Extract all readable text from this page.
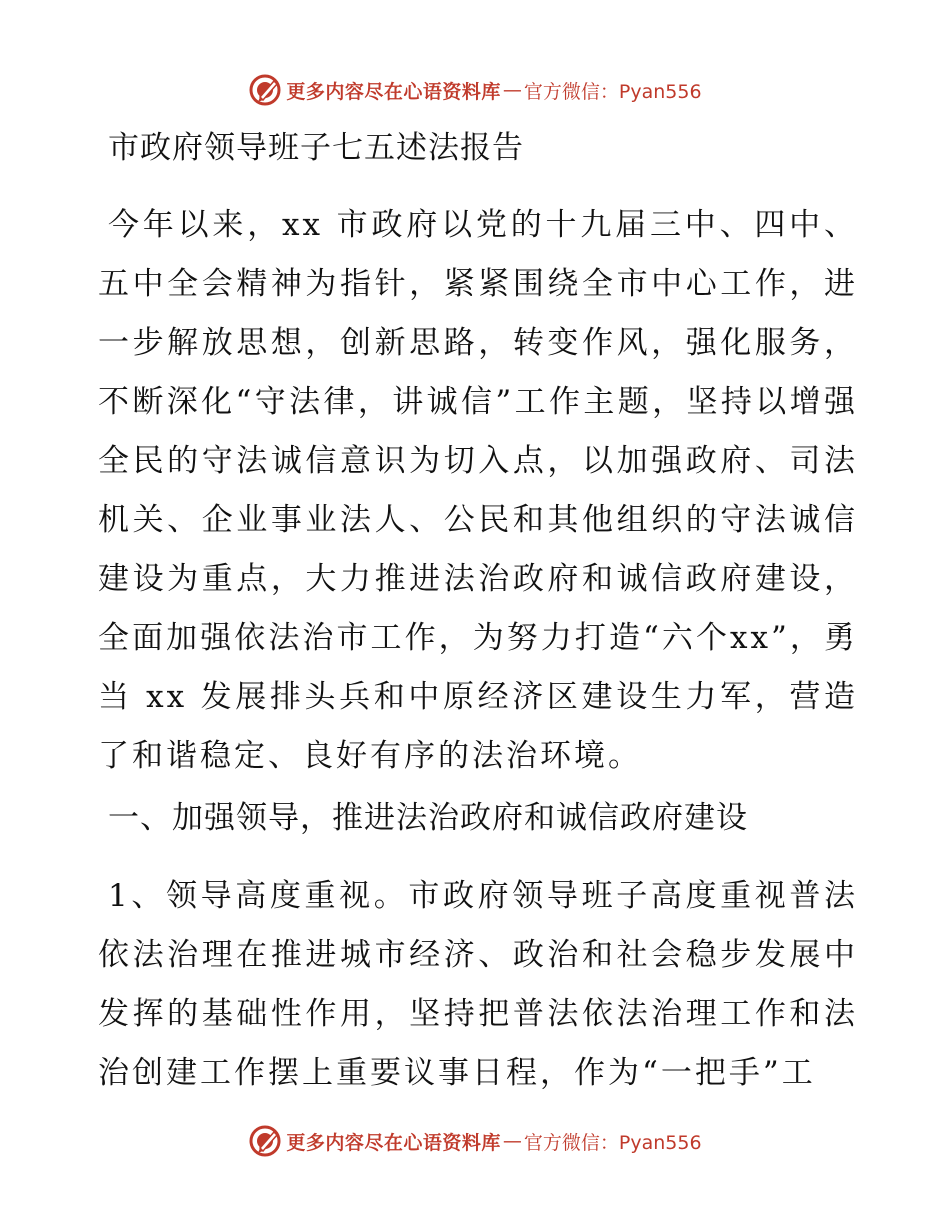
更多内容尽在心语资料库 — 官方微信：Pyan556
市政府领导班子七五述法报告
今年以来，xx 市政府以党的十九届三中、四中、五中全会精神为指针，紧紧围绕全市中心工作，进一步解放思想，创新思路，转变作风，强化服务，不断深化“守法律，讲诚信”工作主题，坚持以增强全民的守法诚信意识为切入点，以加强政府、司法机关、企业事业法人、公民和其他组织的守法诚信建设为重点，大力推进法治政府和诚信政府建设，全面加强依法治市工作，为努力打造“六个xx”，勇当 xx 发展排头兵和中原经济区建设生力军，营造了和谐稳定、良好有序的法治环境。
一、加强领导，推进法治政府和诚信政府建设
1、领导高度重视。市政府领导班子高度重视普法依法治理在推进城市经济、政治和社会稳步发展中发挥的基础性作用，坚持把普法依法治理工作和法治创建工作摆上重要议事日程，作为“一把手”工
更多内容尽在心语资料库 — 官方微信：Pyan556
